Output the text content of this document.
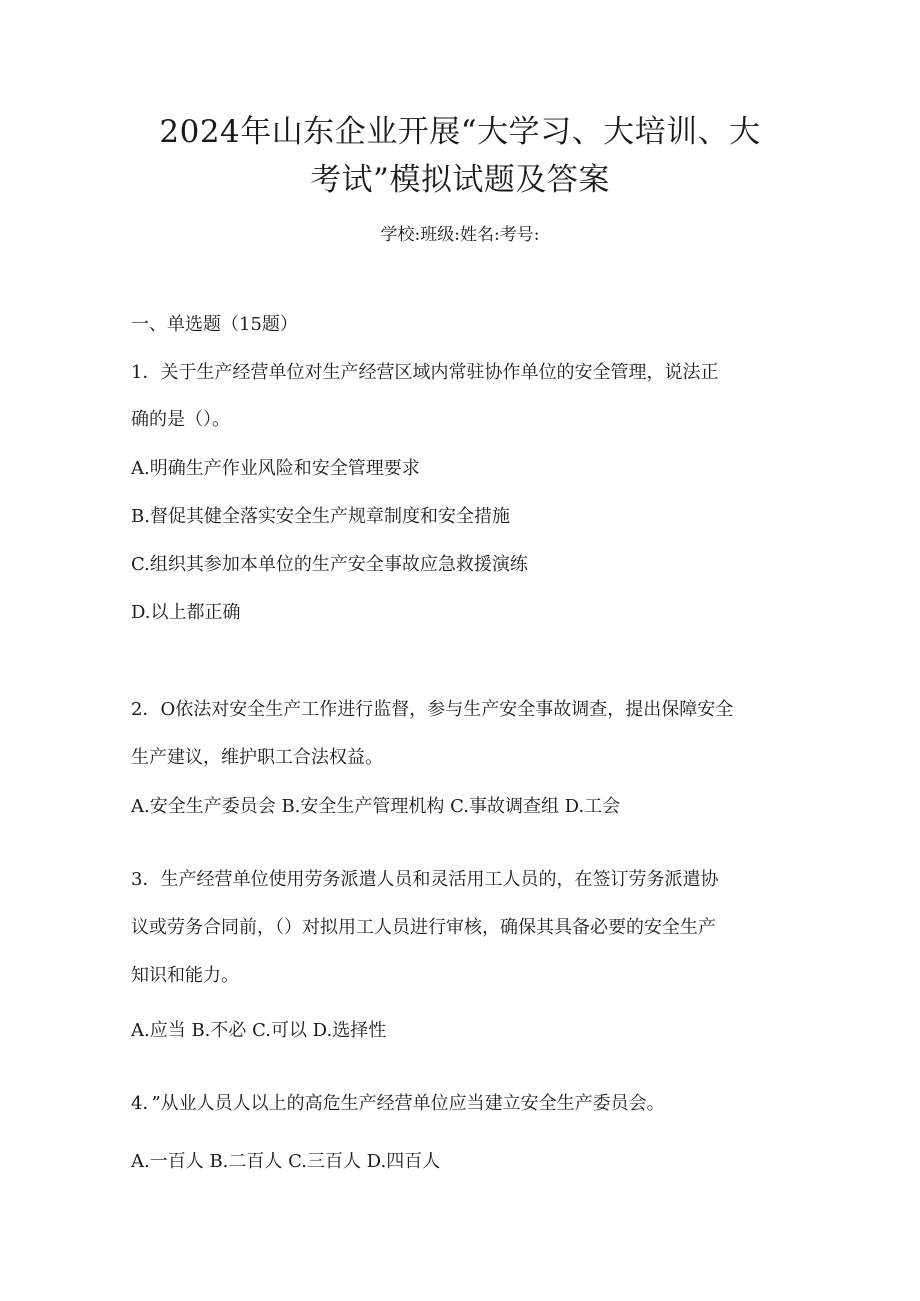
2024年山东企业开展“大学习、大培训、大
考试”模拟试题及答案
学校:班级:姓名:考号:
一、单选题（15题）
1．关于生产经营单位对生产经营区域内常驻协作单位的安全管理，说法正
确的是（）。
A.明确生产作业风险和安全管理要求
B.督促其健全落实安全生产规章制度和安全措施
C.组织其参加本单位的生产安全事故应急救援演练
D.以上都正确
2．O依法对安全生产工作进行监督，参与生产安全事故调查，提出保障安全
生产建议，维护职工合法权益。
A.安全生产委员会 B.安全生产管理机构 C.事故调查组 D.工会
3．生产经营单位使用劳务派遣人员和灵活用工人员的，在签订劳务派遣协
议或劳务合同前，（）对拟用工人员进行审核，确保其具备必要的安全生产
知识和能力。
A.应当 B.不必 C.可以 D.选择性
4．”从业人员人以上的高危生产经营单位应当建立安全生产委员会。
A.一百人 B.二百人 C.三百人 D.四百人
